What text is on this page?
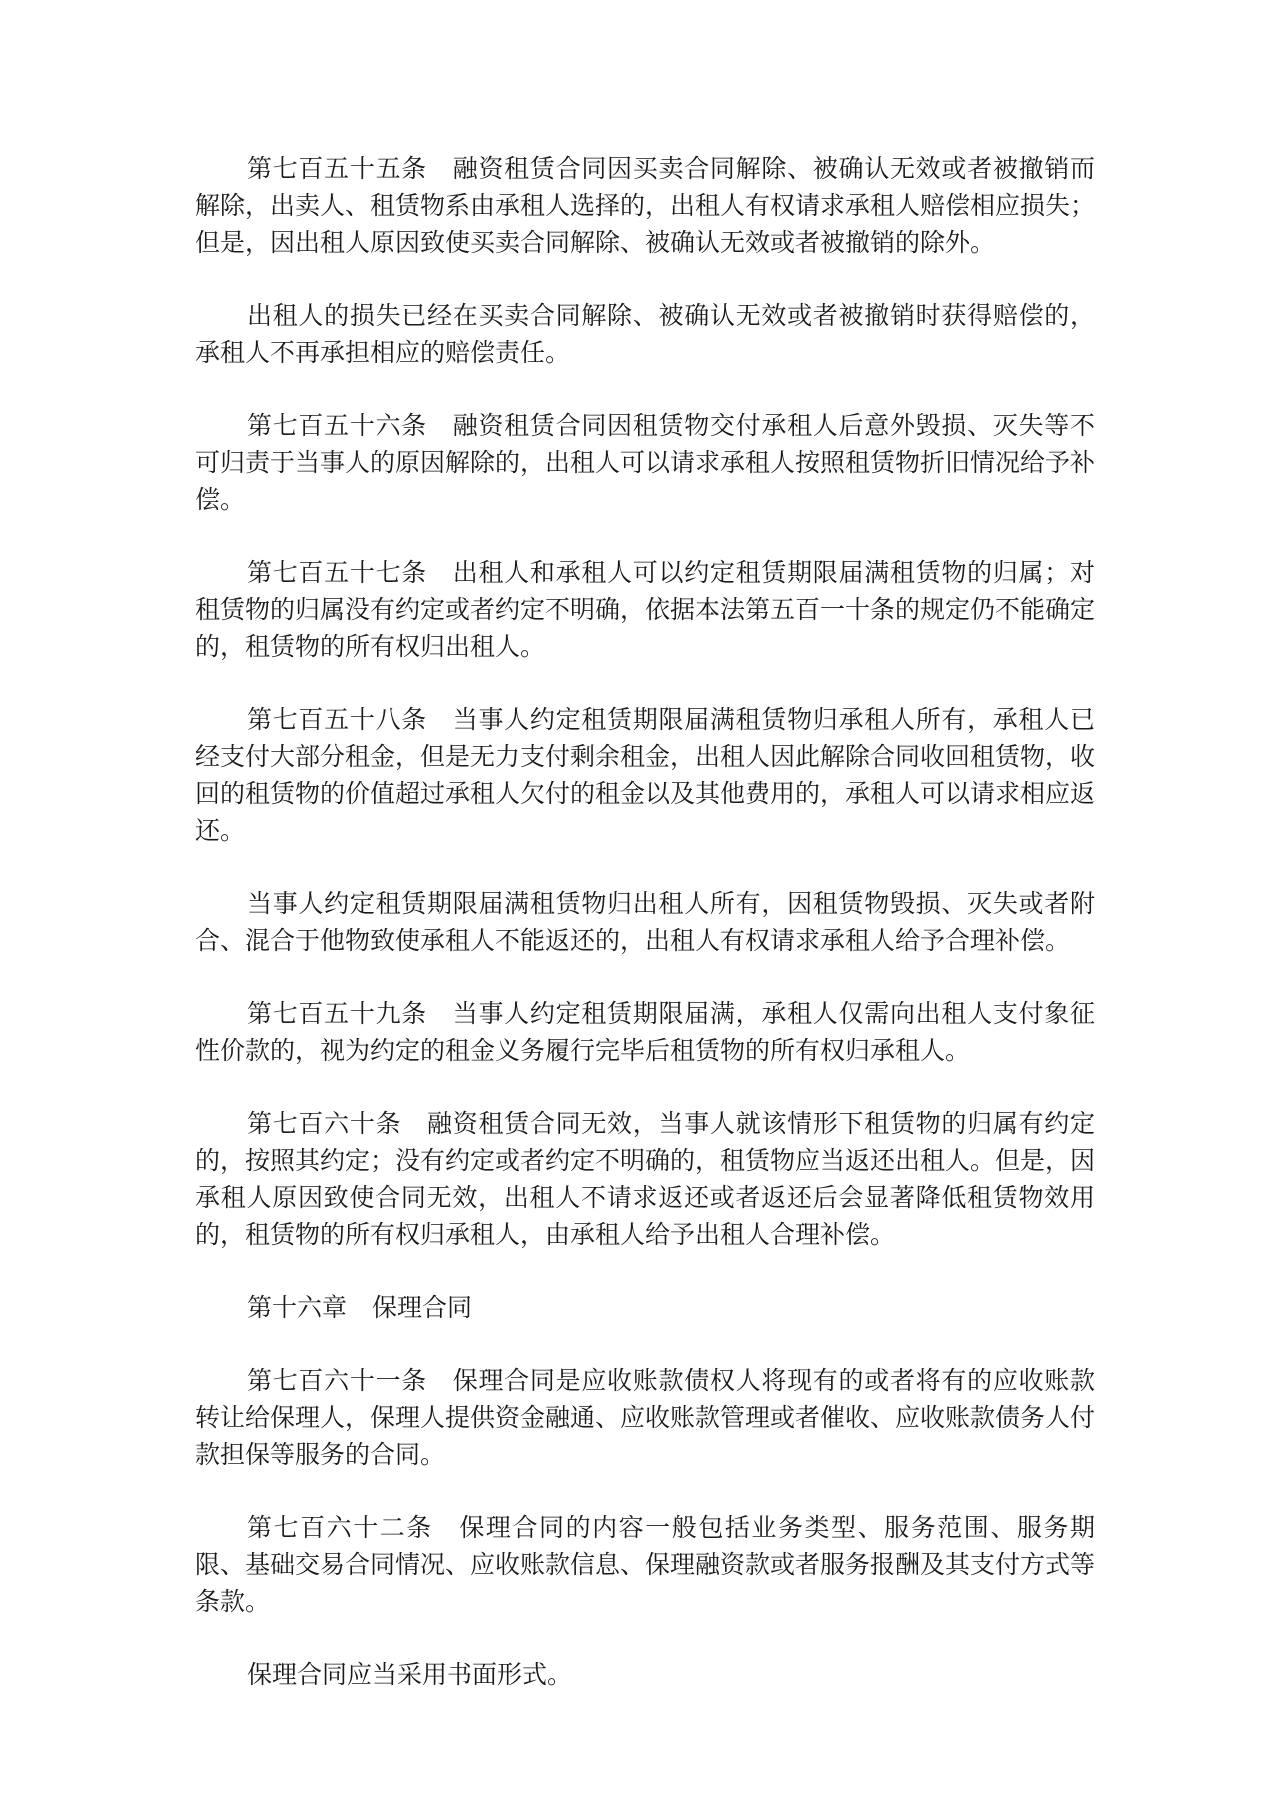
第七百五十五条　融资租赁合同因买卖合同解除、被确认无效或者被撤销而解除，出卖人、租赁物系由承租人选择的，出租人有权请求承租人赔偿相应损失；但是，因出租人原因致使买卖合同解除、被确认无效或者被撤销的除外。

出租人的损失已经在买卖合同解除、被确认无效或者被撤销时获得赔偿的，承租人不再承担相应的赔偿责任。

第七百五十六条　融资租赁合同因租赁物交付承租人后意外毁损、灭失等不可归责于当事人的原因解除的，出租人可以请求承租人按照租赁物折旧情况给予补偿。

第七百五十七条　出租人和承租人可以约定租赁期限届满租赁物的归属；对租赁物的归属没有约定或者约定不明确，依据本法第五百一十条的规定仍不能确定的，租赁物的所有权归出租人。

第七百五十八条　当事人约定租赁期限届满租赁物归承租人所有，承租人已经支付大部分租金，但是无力支付剩余租金，出租人因此解除合同收回租赁物，收回的租赁物的价值超过承租人欠付的租金以及其他费用的，承租人可以请求相应返还。

当事人约定租赁期限届满租赁物归出租人所有，因租赁物毁损、灭失或者附合、混合于他物致使承租人不能返还的，出租人有权请求承租人给予合理补偿。

第七百五十九条　当事人约定租赁期限届满，承租人仅需向出租人支付象征性价款的，视为约定的租金义务履行完毕后租赁物的所有权归承租人。

第七百六十条　融资租赁合同无效，当事人就该情形下租赁物的归属有约定的，按照其约定；没有约定或者约定不明确的，租赁物应当返还出租人。但是，因承租人原因致使合同无效，出租人不请求返还或者返还后会显著降低租赁物效用的，租赁物的所有权归承租人，由承租人给予出租人合理补偿。

第十六章　保理合同

第七百六十一条　保理合同是应收账款债权人将现有的或者将有的应收账款转让给保理人，保理人提供资金融通、应收账款管理或者催收、应收账款债务人付款担保等服务的合同。

第七百六十二条　保理合同的内容一般包括业务类型、服务范围、服务期限、基础交易合同情况、应收账款信息、保理融资款或者服务报酬及其支付方式等条款。

保理合同应当采用书面形式。
